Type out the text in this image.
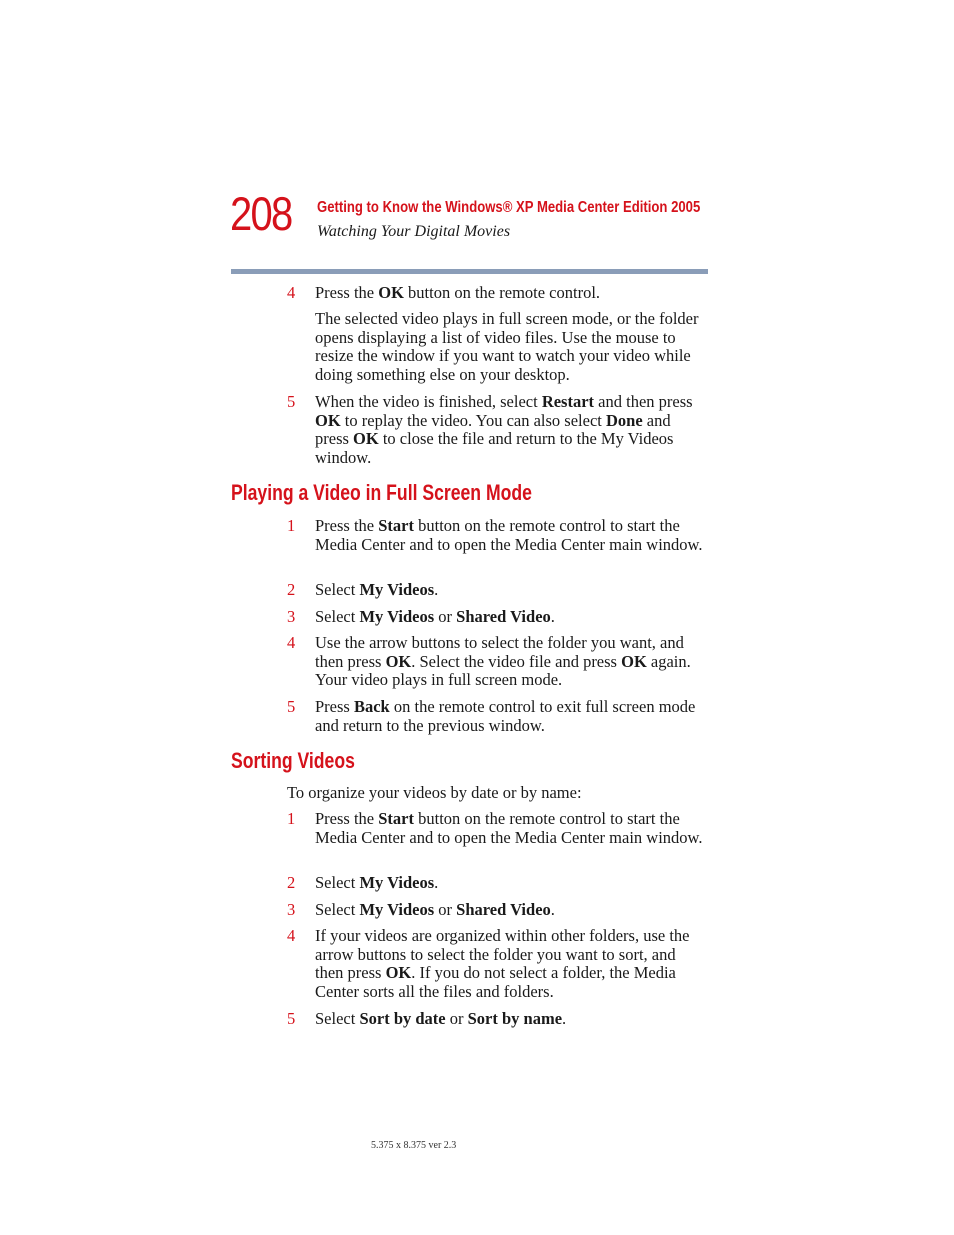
208 Getting to Know the Windows® XP Media Center Edition 2005
Watching Your Digital Movies
4 Press the OK button on the remote control.
The selected video plays in full screen mode, or the folder opens displaying a list of video files. Use the mouse to resize the window if you want to watch your video while doing something else on your desktop.
5 When the video is finished, select Restart and then press OK to replay the video. You can also select Done and press OK to close the file and return to the My Videos window.
Playing a Video in Full Screen Mode
1 Press the Start button on the remote control to start the Media Center and to open the Media Center main window.
2 Select My Videos.
3 Select My Videos or Shared Video.
4 Use the arrow buttons to select the folder you want, and then press OK. Select the video file and press OK again. Your video plays in full screen mode.
5 Press Back on the remote control to exit full screen mode and return to the previous window.
Sorting Videos
To organize your videos by date or by name:
1 Press the Start button on the remote control to start the Media Center and to open the Media Center main window.
2 Select My Videos.
3 Select My Videos or Shared Video.
4 If your videos are organized within other folders, use the arrow buttons to select the folder you want to sort, and then press OK. If you do not select a folder, the Media Center sorts all the files and folders.
5 Select Sort by date or Sort by name.
5.375 x 8.375 ver 2.3
